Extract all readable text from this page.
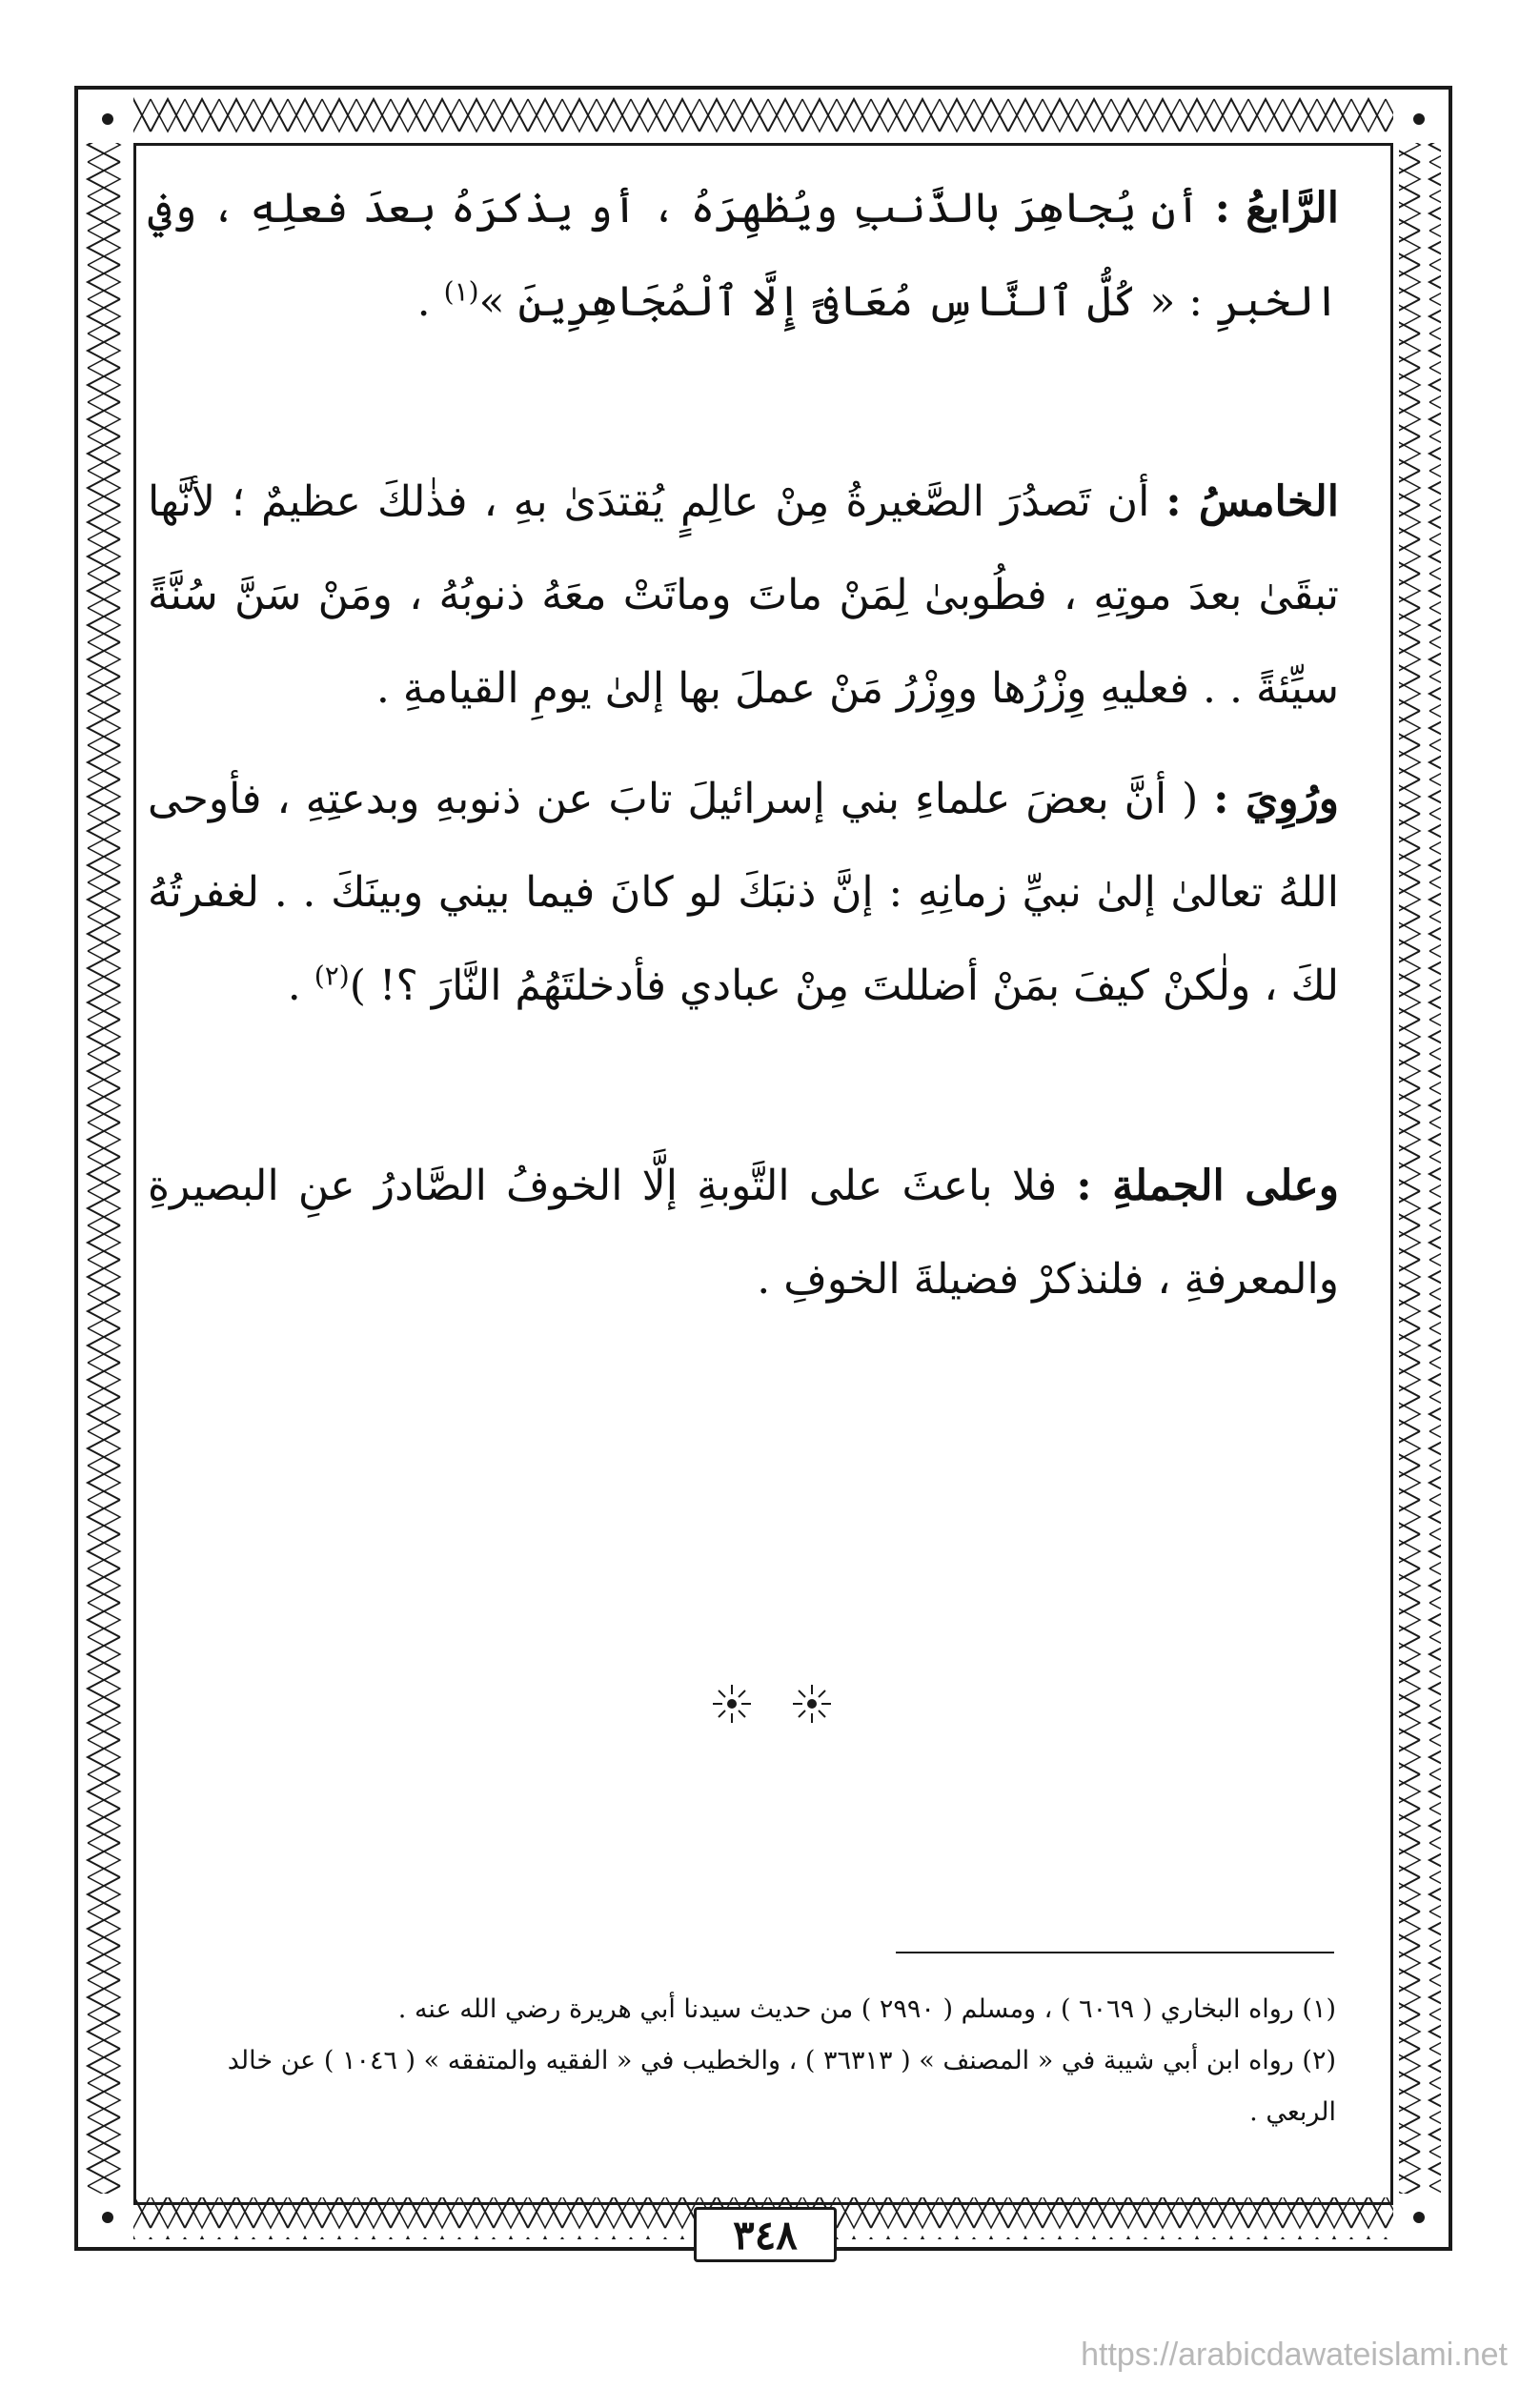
الرَّابعُ : أن يُجاهِرَ بالذَّنبِ ويُظهِرَهُ ، أو يذكرَهُ بعدَ فعلِهِ ، وفي الخبرِ : « كُلُّ ٱلنَّاسِ مُعَافىً إِلَّا ٱلْمُجَاهِرِينَ »$^{(١)}$ .

الخامسُ : أن تَصدُرَ الصَّغيرةُ مِنْ عالِمٍ يُقتدَىٰ بهِ ، فذٰلكَ عظيمٌ ؛ لأنَّها تبقَىٰ بعدَ موتِهِ ، فطُوبىٰ لِمَنْ ماتَ وماتَتْ معَهُ ذنوبُهُ ، ومَنْ سَنَّ سُنَّةً سيِّئةً . . فعليهِ وِزْرُها ووِزْرُ مَنْ عملَ بها إلىٰ يومِ القيامةِ .

ورُوِيَ : ( أنَّ بعضَ علماءِ بني إسرائيلَ تابَ عن ذنوبهِ وبدعتِهِ ، فأوحى اللهُ تعالىٰ إلىٰ نبيِّ زمانِهِ : إنَّ ذنبَكَ لو كانَ فيما بيني وبينَكَ . . لغفرتُهُ لكَ ، ولٰكنْ كيفَ بمَنْ أضللتَ مِنْ عبادي فأدخلتَهُمُ النَّارَ ؟! )$^{(٢)}$ .

وعلى الجملةِ : فلا باعثَ على التَّوبةِ إلَّا الخوفُ الصَّادرُ عنِ البصيرةِ والمعرفةِ ، فلنذكرْ فضيلةَ الخوفِ .

(١) رواه البخاري ( ٦٠٦٩ ) ، ومسلم ( ٢٩٩٠ ) من حديث سيدنا أبي هريرة رضي الله عنه .

(٢) رواه ابن أبي شيبة في « المصنف » ( ٣٦٣١٣ ) ، والخطيب في « الفقيه والمتفقه » ( ١٠٤٦ ) عن خالد الربعي .

٣٤٨
https://arabicdawateislami.net
